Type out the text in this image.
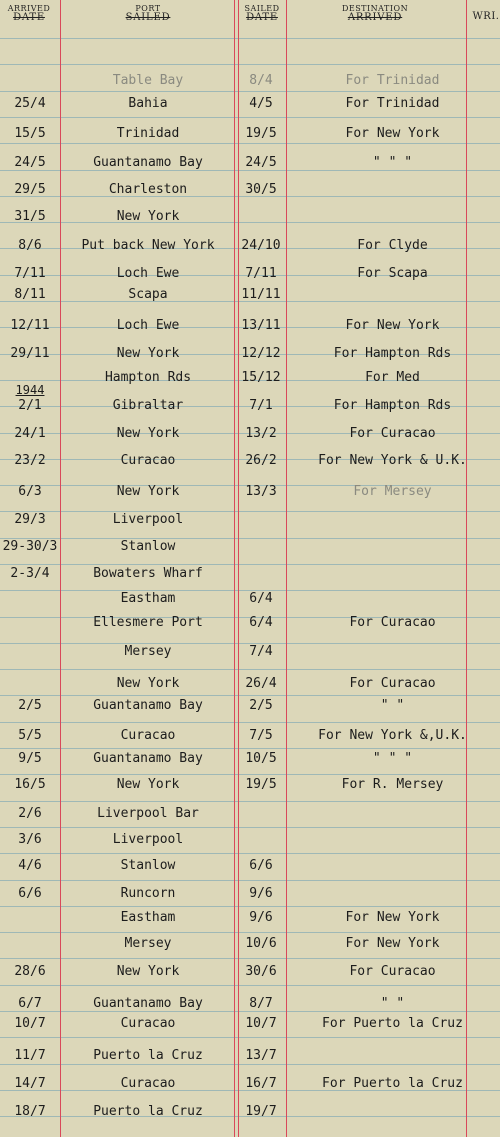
ARRIVED
DATE
PORT
SAILED
SAILED
DATE
DESTINATION
ARRIVED	WRI.
1944
Table Bay	8/4	For Trinidad
25/4	Bahia	4/5	For Trinidad
15/5	Trinidad	19/5	For New York
24/5	Guantanamo Bay	24/5	" " "
29/5	Charleston	30/5
31/5	New York
8/6	Put back New York	24/10	For Clyde
7/11	Loch Ewe	7/11	For Scapa
8/11	Scapa	11/11
12/11	Loch Ewe	13/11	For New York
29/11	New York	12/12	For Hampton Rds
Hampton Rds	15/12	For Med
2/1	Gibraltar	7/1	For Hampton Rds
24/1	New York	13/2	For Curacao
23/2	Curacao	26/2	For New York & U.K.
6/3	New York	13/3	For Mersey
29/3	Liverpool
29-30/3	Stanlow
2-3/4	Bowaters Wharf
Eastham	6/4
Ellesmere Port	6/4	For Curacao
Mersey	7/4
New York	26/4	For Curacao
2/5	Guantanamo Bay	2/5	" "
5/5	Curacao	7/5	For New York &,U.K.
9/5	Guantanamo Bay	10/5	" " "
16/5	New York	19/5	For R. Mersey
2/6	Liverpool Bar
3/6	Liverpool
4/6	Stanlow	6/6
6/6	Runcorn	9/6
Eastham	9/6	For New York
Mersey	10/6	For New York
28/6	New York	30/6	For Curacao
6/7	Guantanamo Bay	8/7	" "
10/7	Curacao	10/7	For Puerto la Cruz
11/7	Puerto la Cruz	13/7
14/7	Curacao	16/7	For Puerto la Cruz
18/7	Puerto la Cruz	19/7
